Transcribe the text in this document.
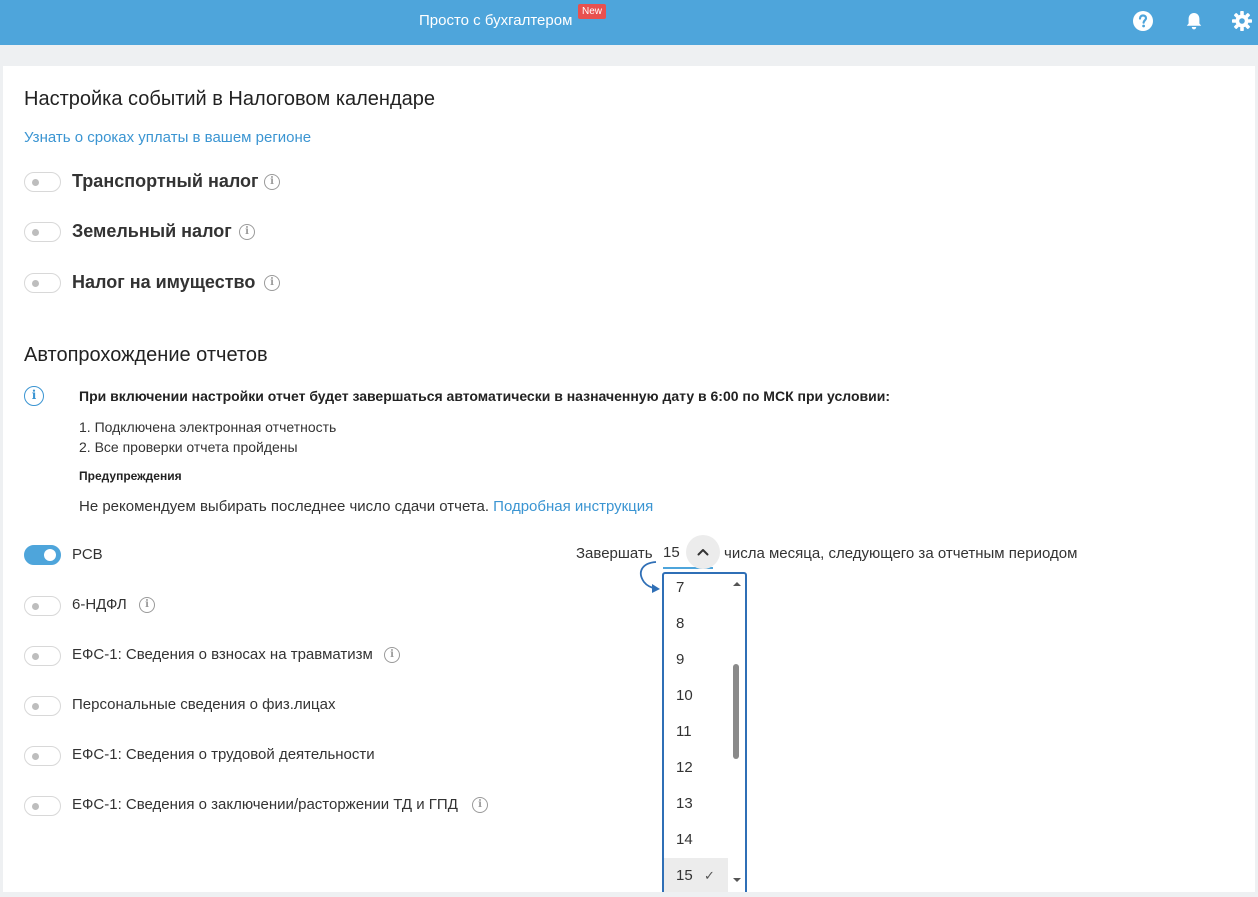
Просто с бухгалтером
New
Настройка событий в Налоговом календаре
Узнать о сроках уплаты в вашем регионе
Транспортный налог	i
Земельный налог	i
Налог на имущество	i
Автопрохождение отчетов
i	При включении настройки отчет будет завершаться автоматически в назначенную дату в 6:00 по МСК при условии:
1. Подключена электронная отчетность
2. Все проверки отчета пройдены
Предупреждения
Не рекомендуем выбирать последнее число сдачи отчета. Подробная инструкция
РСВ
6-НДФЛ	i
ЕФС-1: Сведения о взносах на травматизм	i
Персональные сведения о физ.лицах
ЕФС-1: Сведения о трудовой деятельности
ЕФС-1: Сведения о заключении/расторжении ТД и ГПД	i
Завершать 15	числа месяца, следующего за отчетным периодом
7
8
9
10
11
12
13
14
15 ✓
